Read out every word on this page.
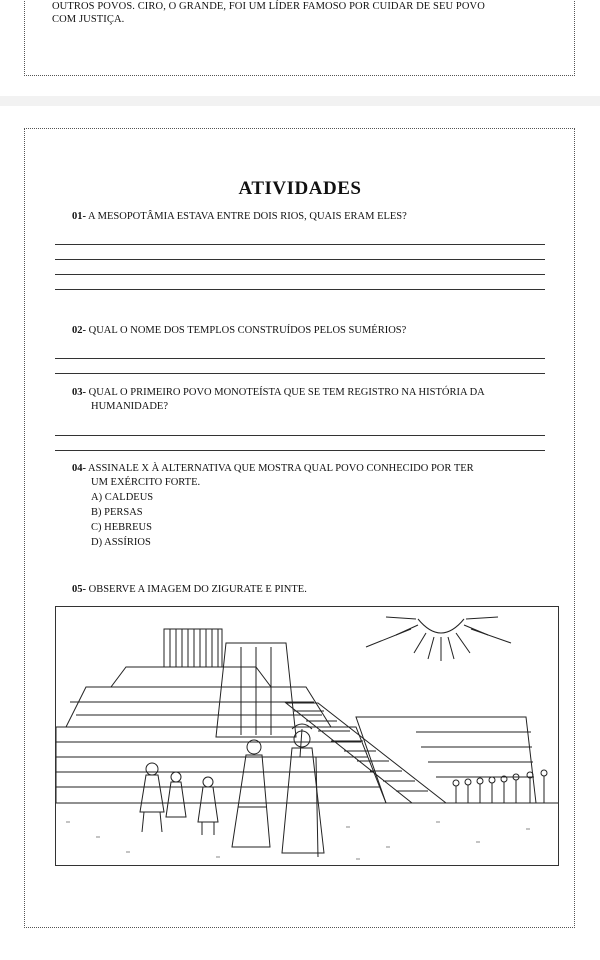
OUTROS POVOS. CIRO, O GRANDE, FOI UM LÍDER FAMOSO POR CUIDAR DE SEU POVO
COM JUSTIÇA.
ATIVIDADES
01- A MESOPOTÂMIA ESTAVA ENTRE DOIS RIOS, QUAIS ERAM ELES?
02- QUAL O NOME DOS TEMPLOS CONSTRUÍDOS PELOS SUMÉRIOS?
03- QUAL O PRIMEIRO POVO MONOTEÍSTA QUE SE TEM REGISTRO NA HISTÓRIA DA
HUMANIDADE?
04- ASSINALE X À ALTERNATIVA QUE MOSTRA QUAL POVO CONHECIDO POR TER
UM EXÉRCITO FORTE.
A) CALDEUS
B) PERSAS
C) HEBREUS
D) ASSÍRIOS
05- OBSERVE A IMAGEM DO ZIGURATE E PINTE.
